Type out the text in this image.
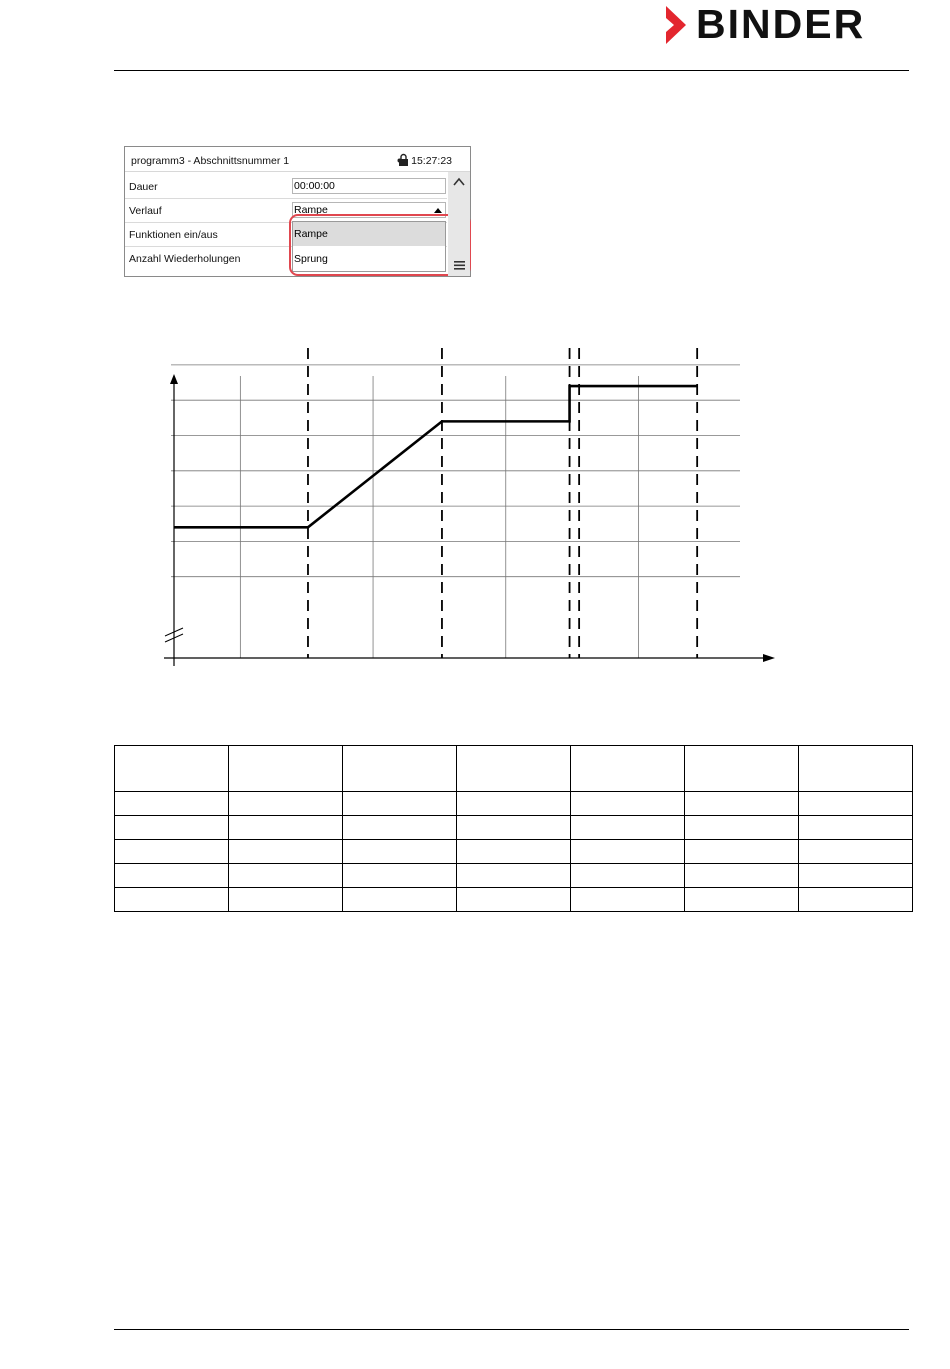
BINDER
programm3 - Abschnittsnummer 1	15:27:23
Dauer	00:00:00
Verlauf	Rampe
Funktionen ein/aus
Anzahl Wiederholungen
Rampe
Sprung
